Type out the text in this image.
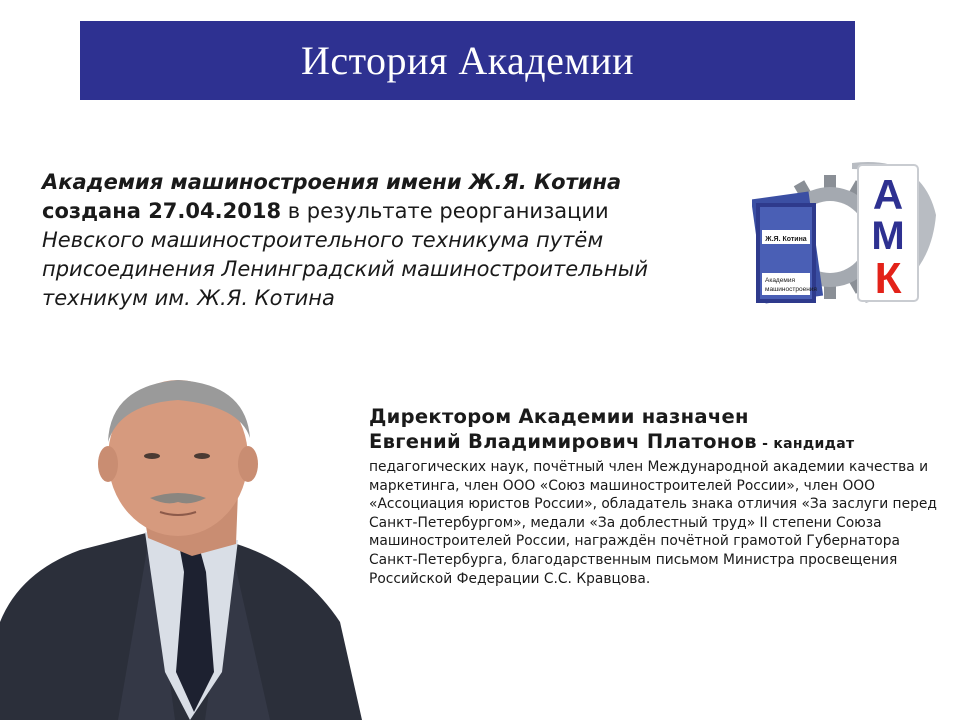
История Академии
Академия машиностроения имени Ж.Я. Котина
создана 27.04.2018 в результате реорганизации
Невского машиностроительного техникума путём присоединения Ленинградский машиностроительный техникум им. Ж.Я. Котина
Ж.Я. Котина
Академия
машиностроения
А
М
К
Директором Академии назначен
Евгений Владимирович Платонов - кандидат
педагогических наук, почётный член Международной академии качества и маркетинга, член ООО «Союз машиностроителей России», член ООО «Ассоциация юристов России», обладатель знака отличия «За заслуги перед Санкт-Петербургом», медали «За доблестный труд» II степени Союза машиностроителей России, награждён почётной грамотой Губернатора Санкт-Петербурга, благодарственным письмом Министра просвещения Российской Федерации С.С. Кравцова.
